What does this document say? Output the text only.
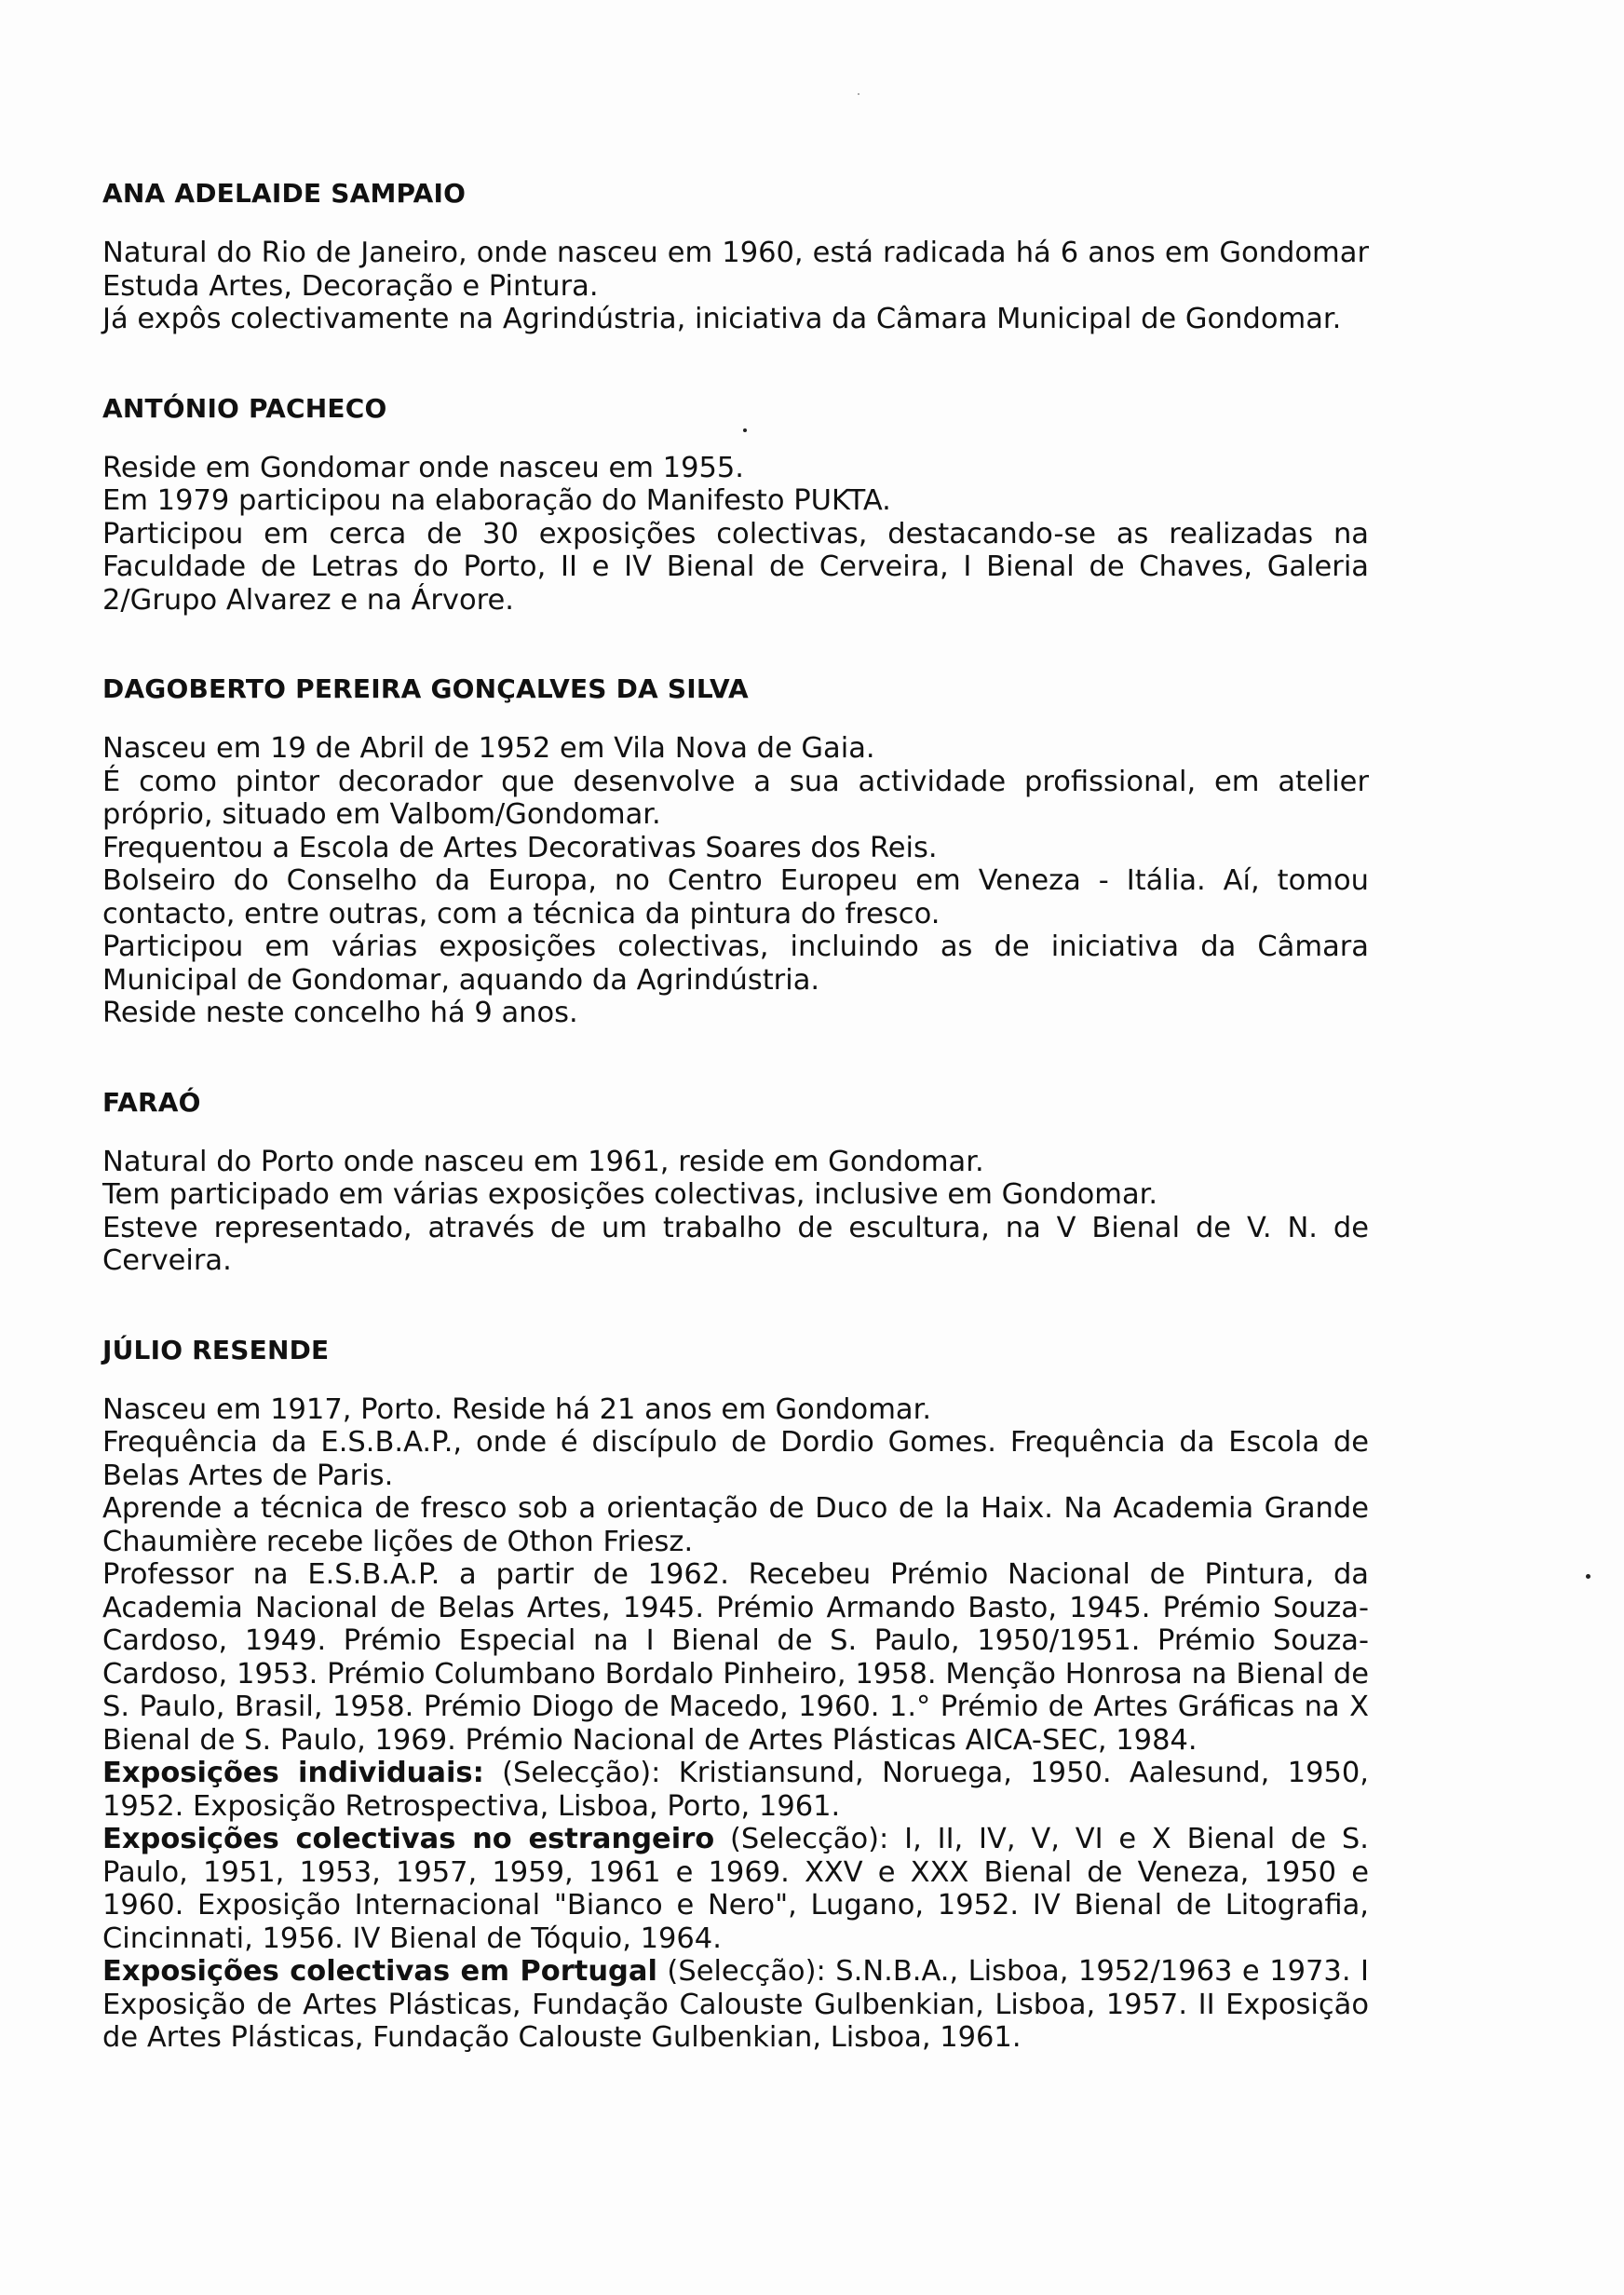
ANA ADELAIDE SAMPAIO

Natural do Rio de Janeiro, onde nasceu em 1960, está radicada há 6 anos em Gondomar Estuda Artes, Decoração e Pintura.

Já expôs colectivamente na Agrindústria, iniciativa da Câmara Municipal de Gondomar.

ANTÓNIO PACHECO

Reside em Gondomar onde nasceu em 1955.

Em 1979 participou na elaboração do Manifesto PUKTA.

Participou em cerca de 30 exposições colectivas, destacando-se as realizadas na Faculdade de Letras do Porto, II e IV Bienal de Cerveira, I Bienal de Chaves, Galeria 2/Grupo Alvarez e na Árvore.

DAGOBERTO PEREIRA GONÇALVES DA SILVA

Nasceu em 19 de Abril de 1952 em Vila Nova de Gaia.

É como pintor decorador que desenvolve a sua actividade profissional, em atelier próprio, situado em Valbom/Gondomar.

Frequentou a Escola de Artes Decorativas Soares dos Reis.

Bolseiro do Conselho da Europa, no Centro Europeu em Veneza - Itália. Aí, tomou contacto, entre outras, com a técnica da pintura do fresco.

Participou em várias exposições colectivas, incluindo as de iniciativa da Câmara Municipal de Gondomar, aquando da Agrindústria.

Reside neste concelho há 9 anos.

FARAÓ

Natural do Porto onde nasceu em 1961, reside em Gondomar.

Tem participado em várias exposições colectivas, inclusive em Gondomar.

Esteve representado, através de um trabalho de escultura, na V Bienal de V. N. de Cerveira.

JÚLIO RESENDE

Nasceu em 1917, Porto. Reside há 21 anos em Gondomar.

Frequência da E.S.B.A.P., onde é discípulo de Dordio Gomes. Frequência da Escola de Belas Artes de Paris.

Aprende a técnica de fresco sob a orientação de Duco de la Haix. Na Academia Grande Chaumière recebe lições de Othon Friesz.

Professor na E.S.B.A.P. a partir de 1962. Recebeu Prémio Nacional de Pintura, da Academia Nacional de Belas Artes, 1945. Prémio Armando Basto, 1945. Prémio Souza-Cardoso, 1949. Prémio Especial na I Bienal de S. Paulo, 1950/1951. Prémio Souza-Cardoso, 1953. Prémio Columbano Bordalo Pinheiro, 1958. Menção Honrosa na Bienal de S. Paulo, Brasil, 1958. Prémio Diogo de Macedo, 1960. 1.° Prémio de Artes Gráficas na X Bienal de S. Paulo, 1969. Prémio Nacional de Artes Plásticas AICA-SEC, 1984.

Exposições individuais: (Selecção): Kristiansund, Noruega, 1950. Aalesund, 1950, 1952. Exposição Retrospectiva, Lisboa, Porto, 1961.

Exposições colectivas no estrangeiro (Selecção): I, II, IV, V, VI e X Bienal de S. Paulo, 1951, 1953, 1957, 1959, 1961 e 1969. XXV e XXX Bienal de Veneza, 1950 e 1960. Exposição Internacional "Bianco e Nero", Lugano, 1952. IV Bienal de Litografia, Cincinnati, 1956. IV Bienal de Tóquio, 1964.

Exposições colectivas em Portugal (Selecção): S.N.B.A., Lisboa, 1952/1963 e 1973. I Exposição de Artes Plásticas, Fundação Calouste Gulbenkian, Lisboa, 1957. II Exposição de Artes Plásticas, Fundação Calouste Gulbenkian, Lisboa, 1961.
